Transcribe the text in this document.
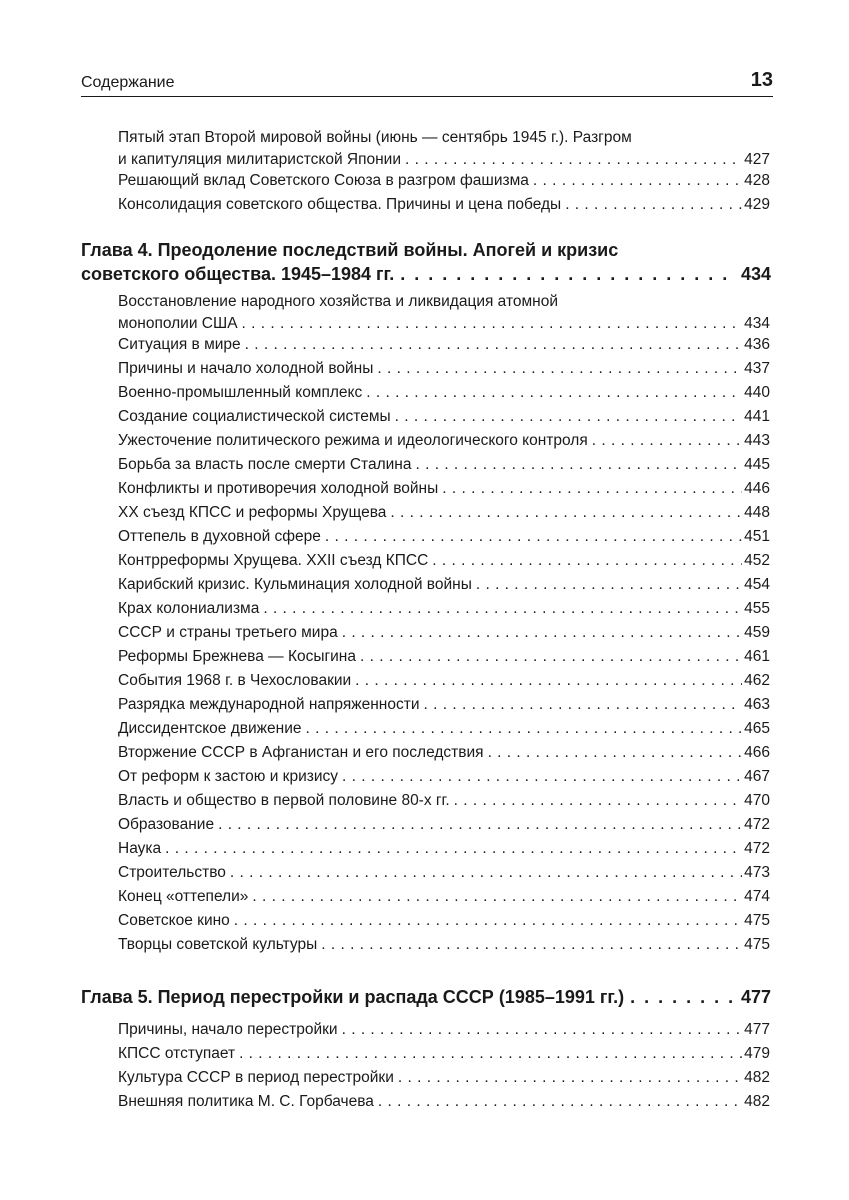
Содержание	13
Пятый этап Второй мировой войны (июнь — сентябрь 1945 г.). Разгром
и капитуляция милитаристской Японии . . .	427
Решающий вклад Советского Союза в разгром фашизма . . .	428
Консолидация советского общества. Причины и цена победы . . .	429
Глава 4. Преодоление последствий войны. Апогей и кризис
советского общества. 1945–1984 гг. . . .	434
Восстановление народного хозяйства и ликвидация атомной
монополии США . . .	434
Ситуация в мире . . .	436
Причины и начало холодной войны . . .	437
Военно-промышленный комплекс . . .	440
Создание социалистической системы . . .	441
Ужесточение политического режима и идеологического контроля . . .	443
Борьба за власть после смерти Сталина . . .	445
Конфликты и противоречия холодной войны . . .	446
XX съезд КПСС и реформы Хрущева . . .	448
Оттепель в духовной сфере . . .	451
Контрреформы Хрущева. XXII съезд КПСС . . .	452
Карибский кризис. Кульминация холодной войны . . .	454
Крах колониализма . . .	455
СССР и страны третьего мира . . .	459
Реформы Брежнева — Косыгина . . .	461
События 1968 г. в Чехословакии . . .	462
Разрядка международной напряженности . . .	463
Диссидентское движение . . .	465
Вторжение СССР в Афганистан и его последствия . . .	466
От реформ к застою и кризису . . .	467
Власть и общество в первой половине 80-х гг. . . .	470
Образование . . .	472
Наука . . .	472
Строительство . . .	473
Конец «оттепели» . . .	474
Советское кино . . .	475
Творцы советской культуры . . .	475
Глава 5. Период перестройки и распада СССР (1985–1991 гг.) . . .	477
Причины, начало перестройки . . .	477
КПСС отступает . . .	479
Культура СССР в период перестройки . . .	482
Внешняя политика М. С. Горбачева . . .	482
